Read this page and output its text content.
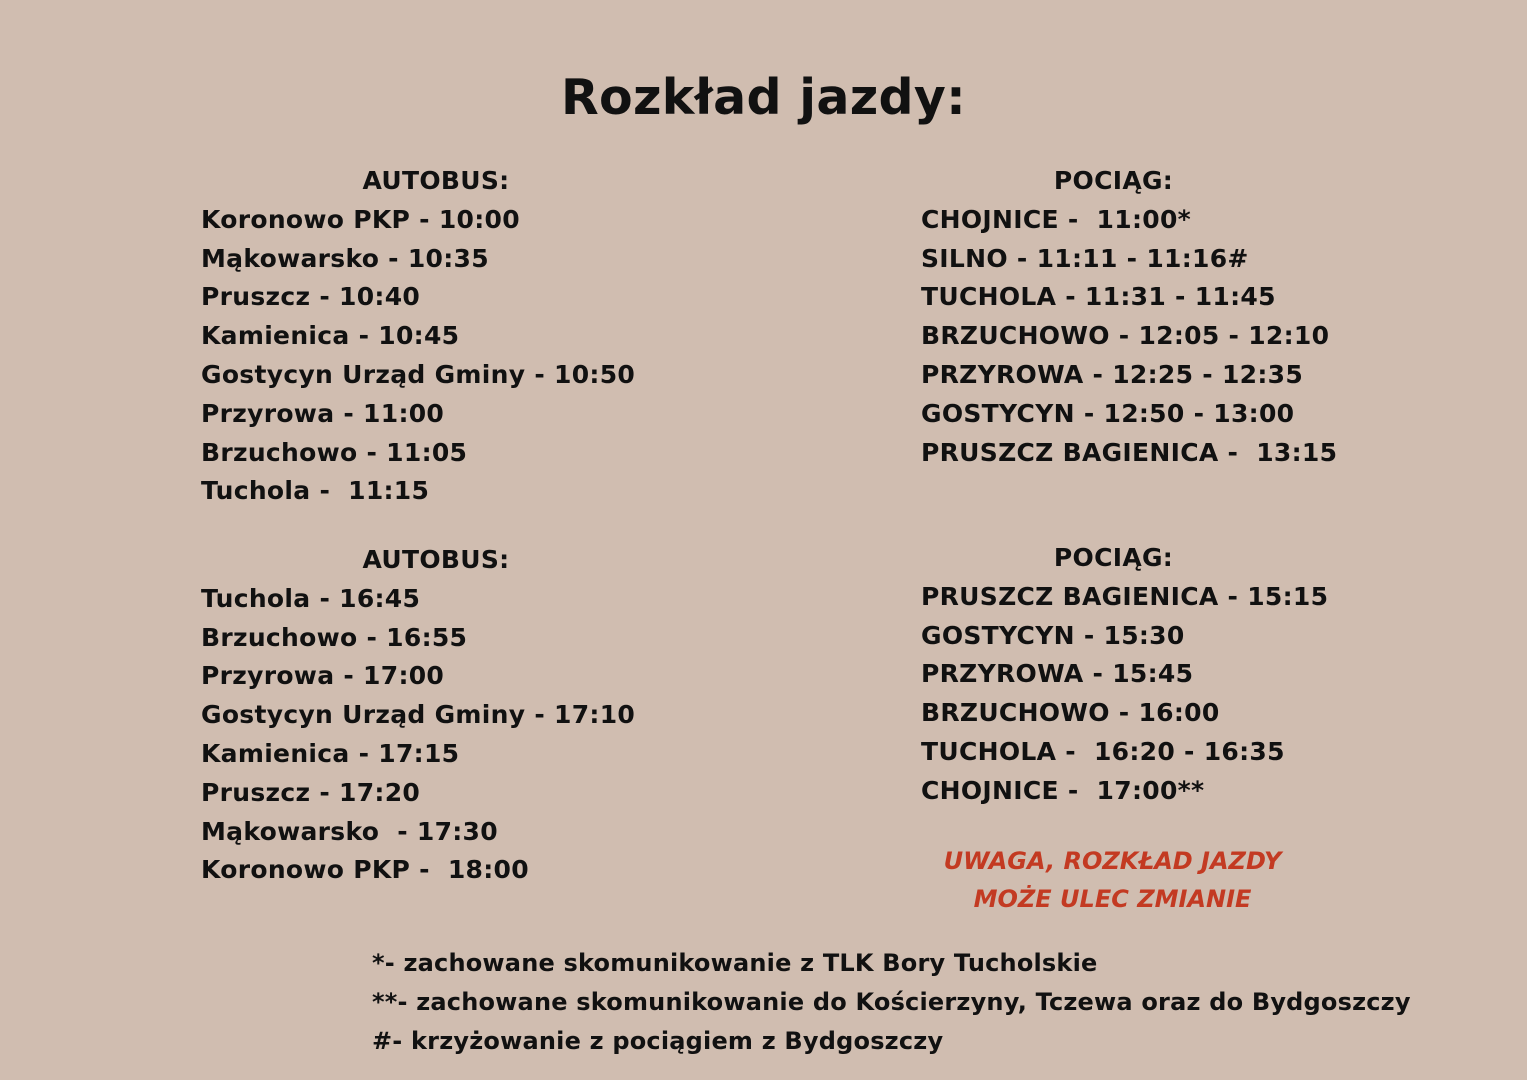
Rozkład jazdy:
AUTOBUS:
Koronowo PKP - 10:00
Mąkowarsko - 10:35
Pruszcz - 10:40
Kamienica - 10:45
Gostycyn Urząd Gminy - 10:50
Przyrowa - 11:00
Brzuchowo - 11:05
Tuchola -  11:15
AUTOBUS:
Tuchola - 16:45
Brzuchowo - 16:55
Przyrowa - 17:00
Gostycyn Urząd Gminy - 17:10
Kamienica - 17:15
Pruszcz - 17:20
Mąkowarsko  - 17:30
Koronowo PKP -  18:00
POCIĄG:
CHOJNICE -  11:00*
SILNO - 11:11 - 11:16#
TUCHOLA - 11:31 - 11:45
BRZUCHOWO - 12:05 - 12:10
PRZYROWA - 12:25 - 12:35
GOSTYCYN - 12:50 - 13:00
PRUSZCZ BAGIENICA -  13:15
POCIĄG:
PRUSZCZ BAGIENICA - 15:15
GOSTYCYN - 15:30
PRZYROWA - 15:45
BRZUCHOWO - 16:00
TUCHOLA -  16:20 - 16:35
CHOJNICE -  17:00**
UWAGA, ROZKŁAD JAZDY
MOŻE ULEC ZMIANIE
*- zachowane skomunikowanie z TLK Bory Tucholskie
**- zachowane skomunikowanie do Kościerzyny, Tczewa oraz do Bydgoszczy
#- krzyżowanie z pociągiem z Bydgoszczy
